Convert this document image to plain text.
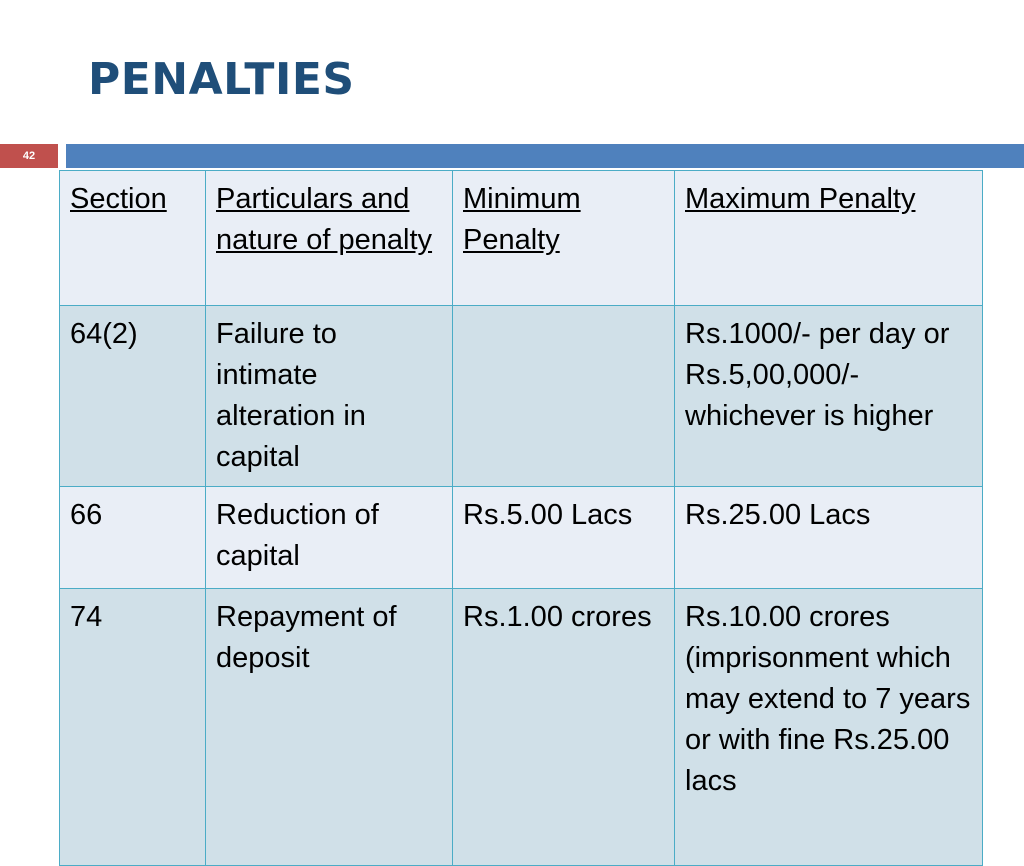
PENALTIES
42
Section	Particulars and nature of penalty	Minimum Penalty	Maximum Penalty
64(2)	Failure to intimate alteration in capital		Rs.1000/- per day or Rs.5,00,000/- whichever is higher
66	Reduction of capital	Rs.5.00 Lacs	Rs.25.00 Lacs
74	Repayment of deposit	Rs.1.00 crores	Rs.10.00 crores (imprisonment which may extend to 7 years or with fine Rs.25.00 lacs
